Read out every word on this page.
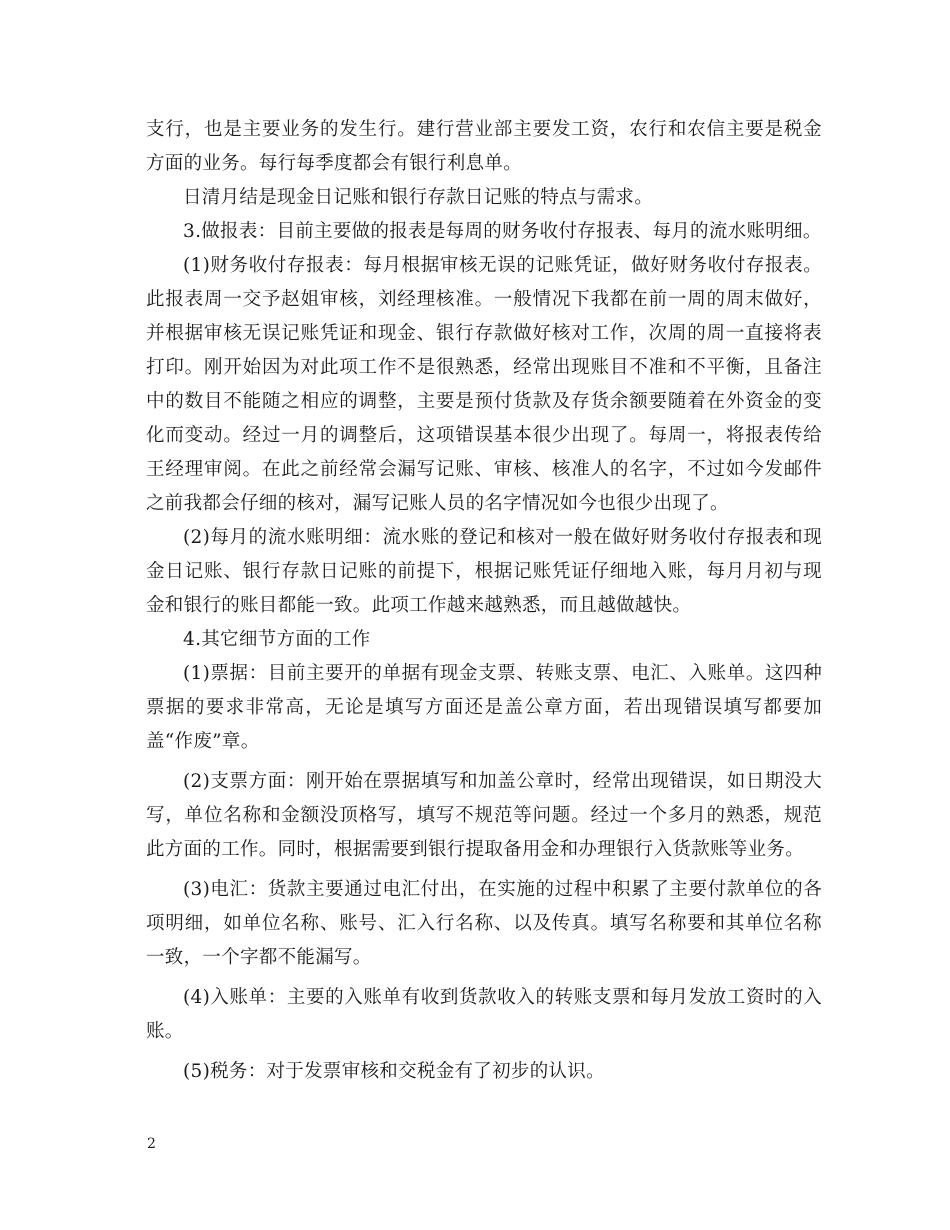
支行，也是主要业务的发生行。建行营业部主要发工资，农行和农信主要是税金方面的业务。每行每季度都会有银行利息单。

日清月结是现金日记账和银行存款日记账的特点与需求。

3.做报表：目前主要做的报表是每周的财务收付存报表、每月的流水账明细。

(1)财务收付存报表：每月根据审核无误的记账凭证，做好财务收付存报表。此报表周一交予赵姐审核，刘经理核准。一般情况下我都在前一周的周末做好，并根据审核无误记账凭证和现金、银行存款做好核对工作，次周的周一直接将表打印。刚开始因为对此项工作不是很熟悉，经常出现账目不准和不平衡，且备注中的数目不能随之相应的调整，主要是预付货款及存货余额要随着在外资金的变化而变动。经过一月的调整后，这项错误基本很少出现了。每周一，将报表传给王经理审阅。在此之前经常会漏写记账、审核、核准人的名字，不过如今发邮件之前我都会仔细的核对，漏写记账人员的名字情况如今也很少出现了。

(2)每月的流水账明细：流水账的登记和核对一般在做好财务收付存报表和现金日记账、银行存款日记账的前提下，根据记账凭证仔细地入账，每月月初与现金和银行的账目都能一致。此项工作越来越熟悉，而且越做越快。

4.其它细节方面的工作

(1)票据：目前主要开的单据有现金支票、转账支票、电汇、入账单。这四种票据的要求非常高，无论是填写方面还是盖公章方面，若出现错误填写都要加盖“作废”章。

(2)支票方面：刚开始在票据填写和加盖公章时，经常出现错误，如日期没大写，单位名称和金额没顶格写，填写不规范等问题。经过一个多月的熟悉，规范此方面的工作。同时，根据需要到银行提取备用金和办理银行入货款账等业务。

(3)电汇：货款主要通过电汇付出，在实施的过程中积累了主要付款单位的各项明细，如单位名称、账号、汇入行名称、以及传真。填写名称要和其单位名称一致，一个字都不能漏写。

(4)入账单：主要的入账单有收到货款收入的转账支票和每月发放工资时的入账。

(5)税务：对于发票审核和交税金有了初步的认识。

2
